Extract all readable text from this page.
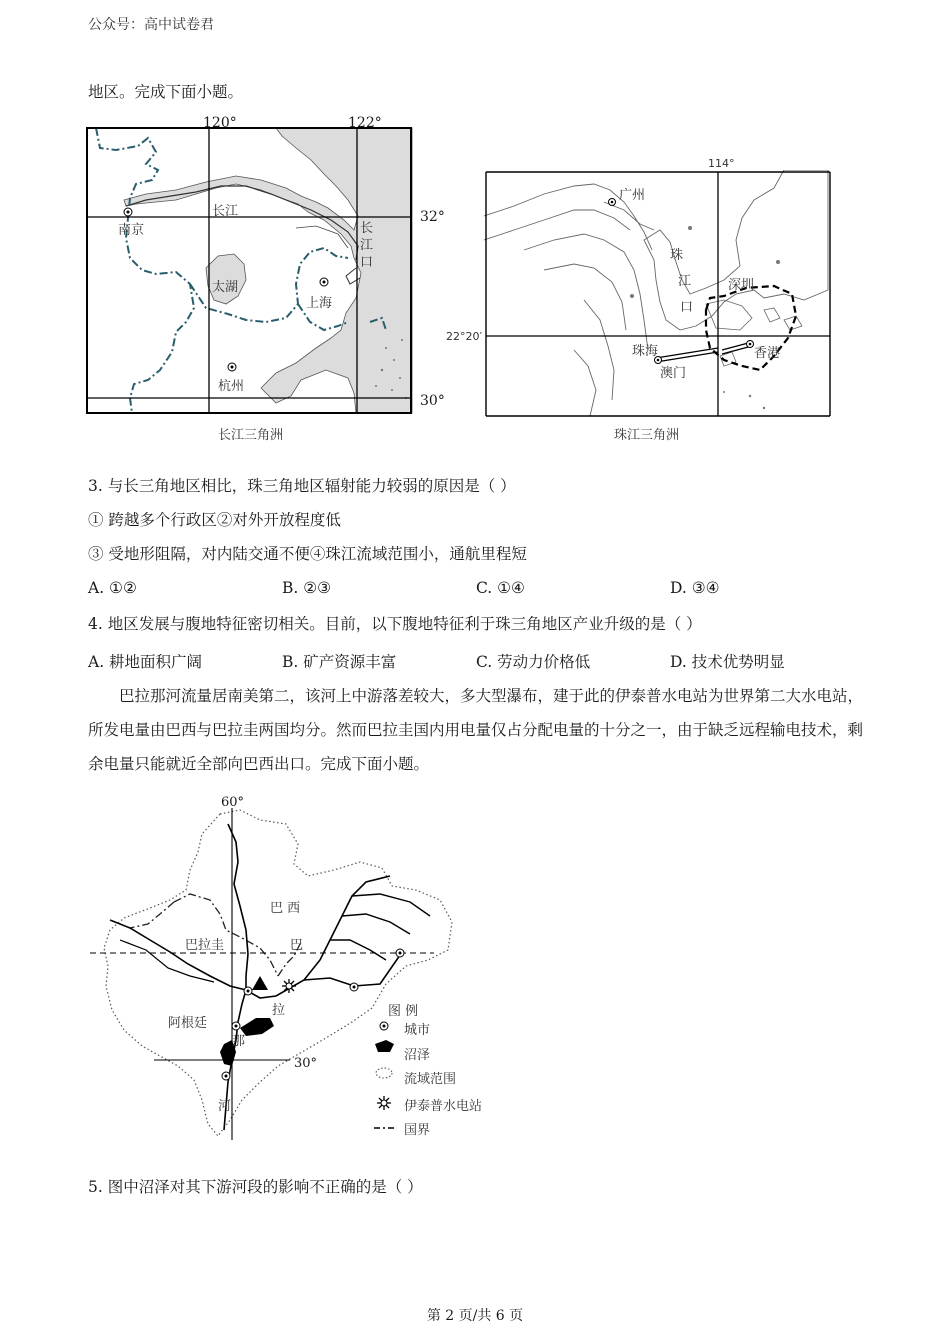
公众号：高中试卷君
地区。完成下面小题。
120°	122°
32°
30°
南京
长江
长
江
口
太湖
上海
杭州
长江三角洲
114°
22°20′
广州
珠
江
口
深圳
珠海
澳门
香港
珠江三角洲
3. 与长三角地区相比，珠三角地区辐射能力较弱的原因是（ ）
① 跨越多个行政区②对外开放程度低
③ 受地形阻隔，对内陆交通不便④珠江流域范围小，通航里程短
A. ①②	B. ②③	C. ①④	D. ③④
4. 地区发展与腹地特征密切相关。目前，以下腹地特征利于珠三角地区产业升级的是（ ）
A. 耕地面积广阔	B. 矿产资源丰富	C. 劳动力价格低	D. 技术优势明显
巴拉那河流量居南美第二，该河上中游落差较大，多大型瀑布，建于此的伊泰普水电站为世界第二大水电站，所发电量由巴西与巴拉圭两国均分。然而巴拉圭国内用电量仅占分配电量的十分之一，由于缺乏远程输电技术，剩余电量只能就近全部向巴西出口。完成下面小题。
60°
30°
巴 西
巴拉圭
阿根廷
巴
拉
那
河
图 例
城市
沼泽
流域范围
伊泰普水电站
国界
5. 图中沼泽对其下游河段的影响不正确的是（ ）
第 2 页/共 6 页
